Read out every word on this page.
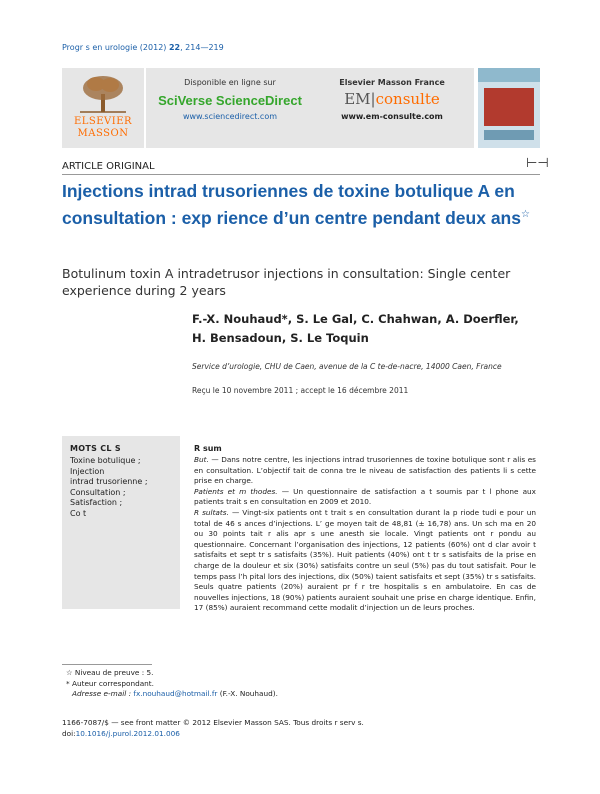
Progr s en urologie (2012) 22, 214—219
ELSEVIER
MASSON
Disponible en ligne sur
SciVerse ScienceDirect
www.sciencedirect.com
Elsevier Masson France
EM|consulte
www.em-consulte.com
ARTICLE ORIGINAL	⊢⊣
Injections intrad trusoriennes de toxine botulique A en consultation : exp rience d’un centre pendant deux ans☆
Botulinum toxin A intradetrusor injections in consultation: Single center experience during 2 years
F.-X. Nouhaud*, S. Le Gal, C. Chahwan, A. Doerfler,
H. Bensadoun, S. Le Toquin
Service d’urologie, CHU de Caen, avenue de la C te-de-nacre, 14000 Caen, France
Reçu le 10 novembre 2011 ; accept le 16 décembre 2011
MOTS CL S
Toxine botulique ;
Injection
intrad trusorienne ;
Consultation ;
Satisfaction ;
Co t
R sum

But. — Dans notre centre, les injections intrad trusoriennes de toxine botulique sont r alis es en consultation. L’objectif tait de conna tre le niveau de satisfaction des patients li s cette prise en charge.

Patients et m thodes. — Un questionnaire de satisfaction a t soumis par t l phone aux patients trait s en consultation en 2009 et 2010.

R sultats. — Vingt-six patients ont t trait s en consultation durant la p riode tudi e pour un total de 46 s ances d’injections. L’ ge moyen tait de 48,81 (± 16,78) ans. Un sch ma en 20 ou 30 points tait r alis apr s une anesth sie locale. Vingt patients ont r pondu au questionnaire. Concernant l’organisation des injections, 12 patients (60%) ont d clar avoir t satisfaits et sept tr s satisfaits (35%). Huit patients (40%) ont t tr s satisfaits de la prise en charge de la douleur et six (30%) satisfaits contre un seul (5%) pas du tout satisfait. Pour le temps pass l’h pital lors des injections, dix (50%) taient satisfaits et sept (35%) tr s satisfaits. Seuls quatre patients (20%) auraient pr f r tre hospitalis s en ambulatoire. En cas de nouvelles injections, 18 (90%) patients auraient souhait une prise en charge identique. Enfin, 17 (85%) auraient recommand cette modalit d’injection un de leurs proches.

☆ Niveau de preuve : 5.
* Auteur correspondant.
Adresse e-mail : fx.nouhaud@hotmail.fr (F.-X. Nouhaud).
1166-7087/$ — see front matter © 2012 Elsevier Masson SAS. Tous droits r serv s.
doi:10.1016/j.purol.2012.01.006
